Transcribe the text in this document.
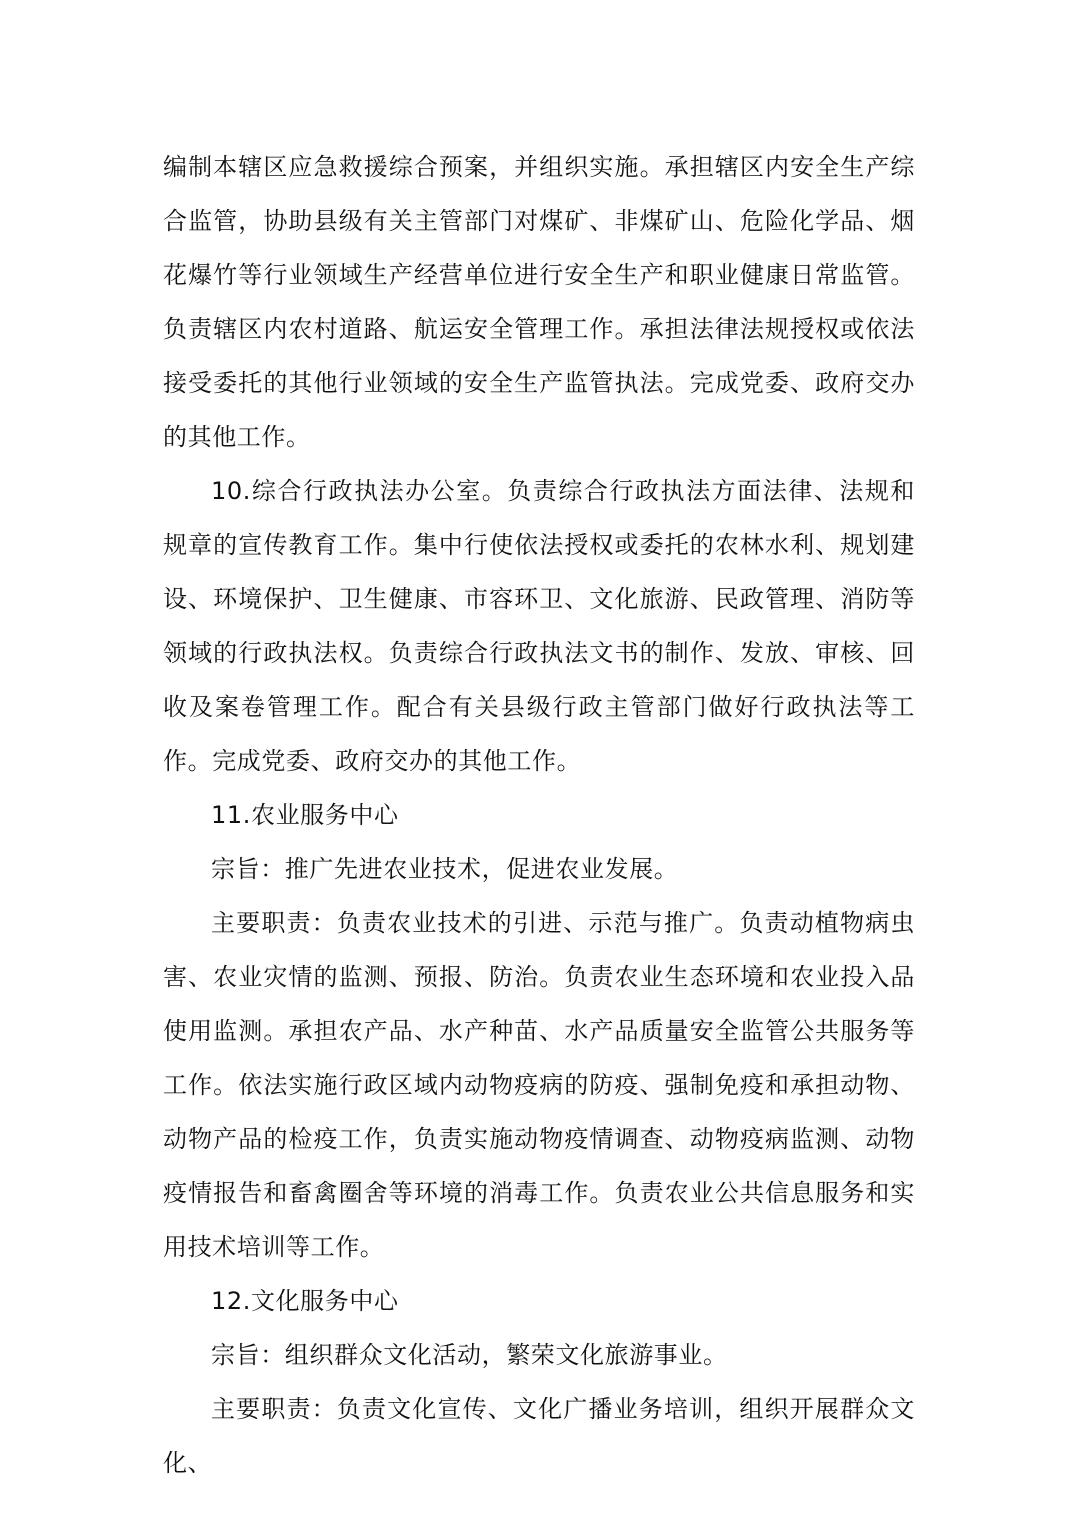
编制本辖区应急救援综合预案，并组织实施。承担辖区内安全生产综合监管，协助县级有关主管部门对煤矿、非煤矿山、危险化学品、烟花爆竹等行业领域生产经营单位进行安全生产和职业健康日常监管。负责辖区内农村道路、航运安全管理工作。承担法律法规授权或依法接受委托的其他行业领域的安全生产监管执法。完成党委、政府交办的其他工作。

10.综合行政执法办公室。负责综合行政执法方面法律、法规和规章的宣传教育工作。集中行使依法授权或委托的农林水利、规划建设、环境保护、卫生健康、市容环卫、文化旅游、民政管理、消防等领域的行政执法权。负责综合行政执法文书的制作、发放、审核、回收及案卷管理工作。配合有关县级行政主管部门做好行政执法等工作。完成党委、政府交办的其他工作。

11.农业服务中心

宗旨：推广先进农业技术，促进农业发展。

主要职责：负责农业技术的引进、示范与推广。负责动植物病虫害、农业灾情的监测、预报、防治。负责农业生态环境和农业投入品使用监测。承担农产品、水产种苗、水产品质量安全监管公共服务等工作。依法实施行政区域内动物疫病的防疫、强制免疫和承担动物、动物产品的检疫工作，负责实施动物疫情调查、动物疫病监测、动物疫情报告和畜禽圈舍等环境的消毒工作。负责农业公共信息服务和实用技术培训等工作。

12.文化服务中心

宗旨：组织群众文化活动，繁荣文化旅游事业。

主要职责：负责文化宣传、文化广播业务培训，组织开展群众文化、
